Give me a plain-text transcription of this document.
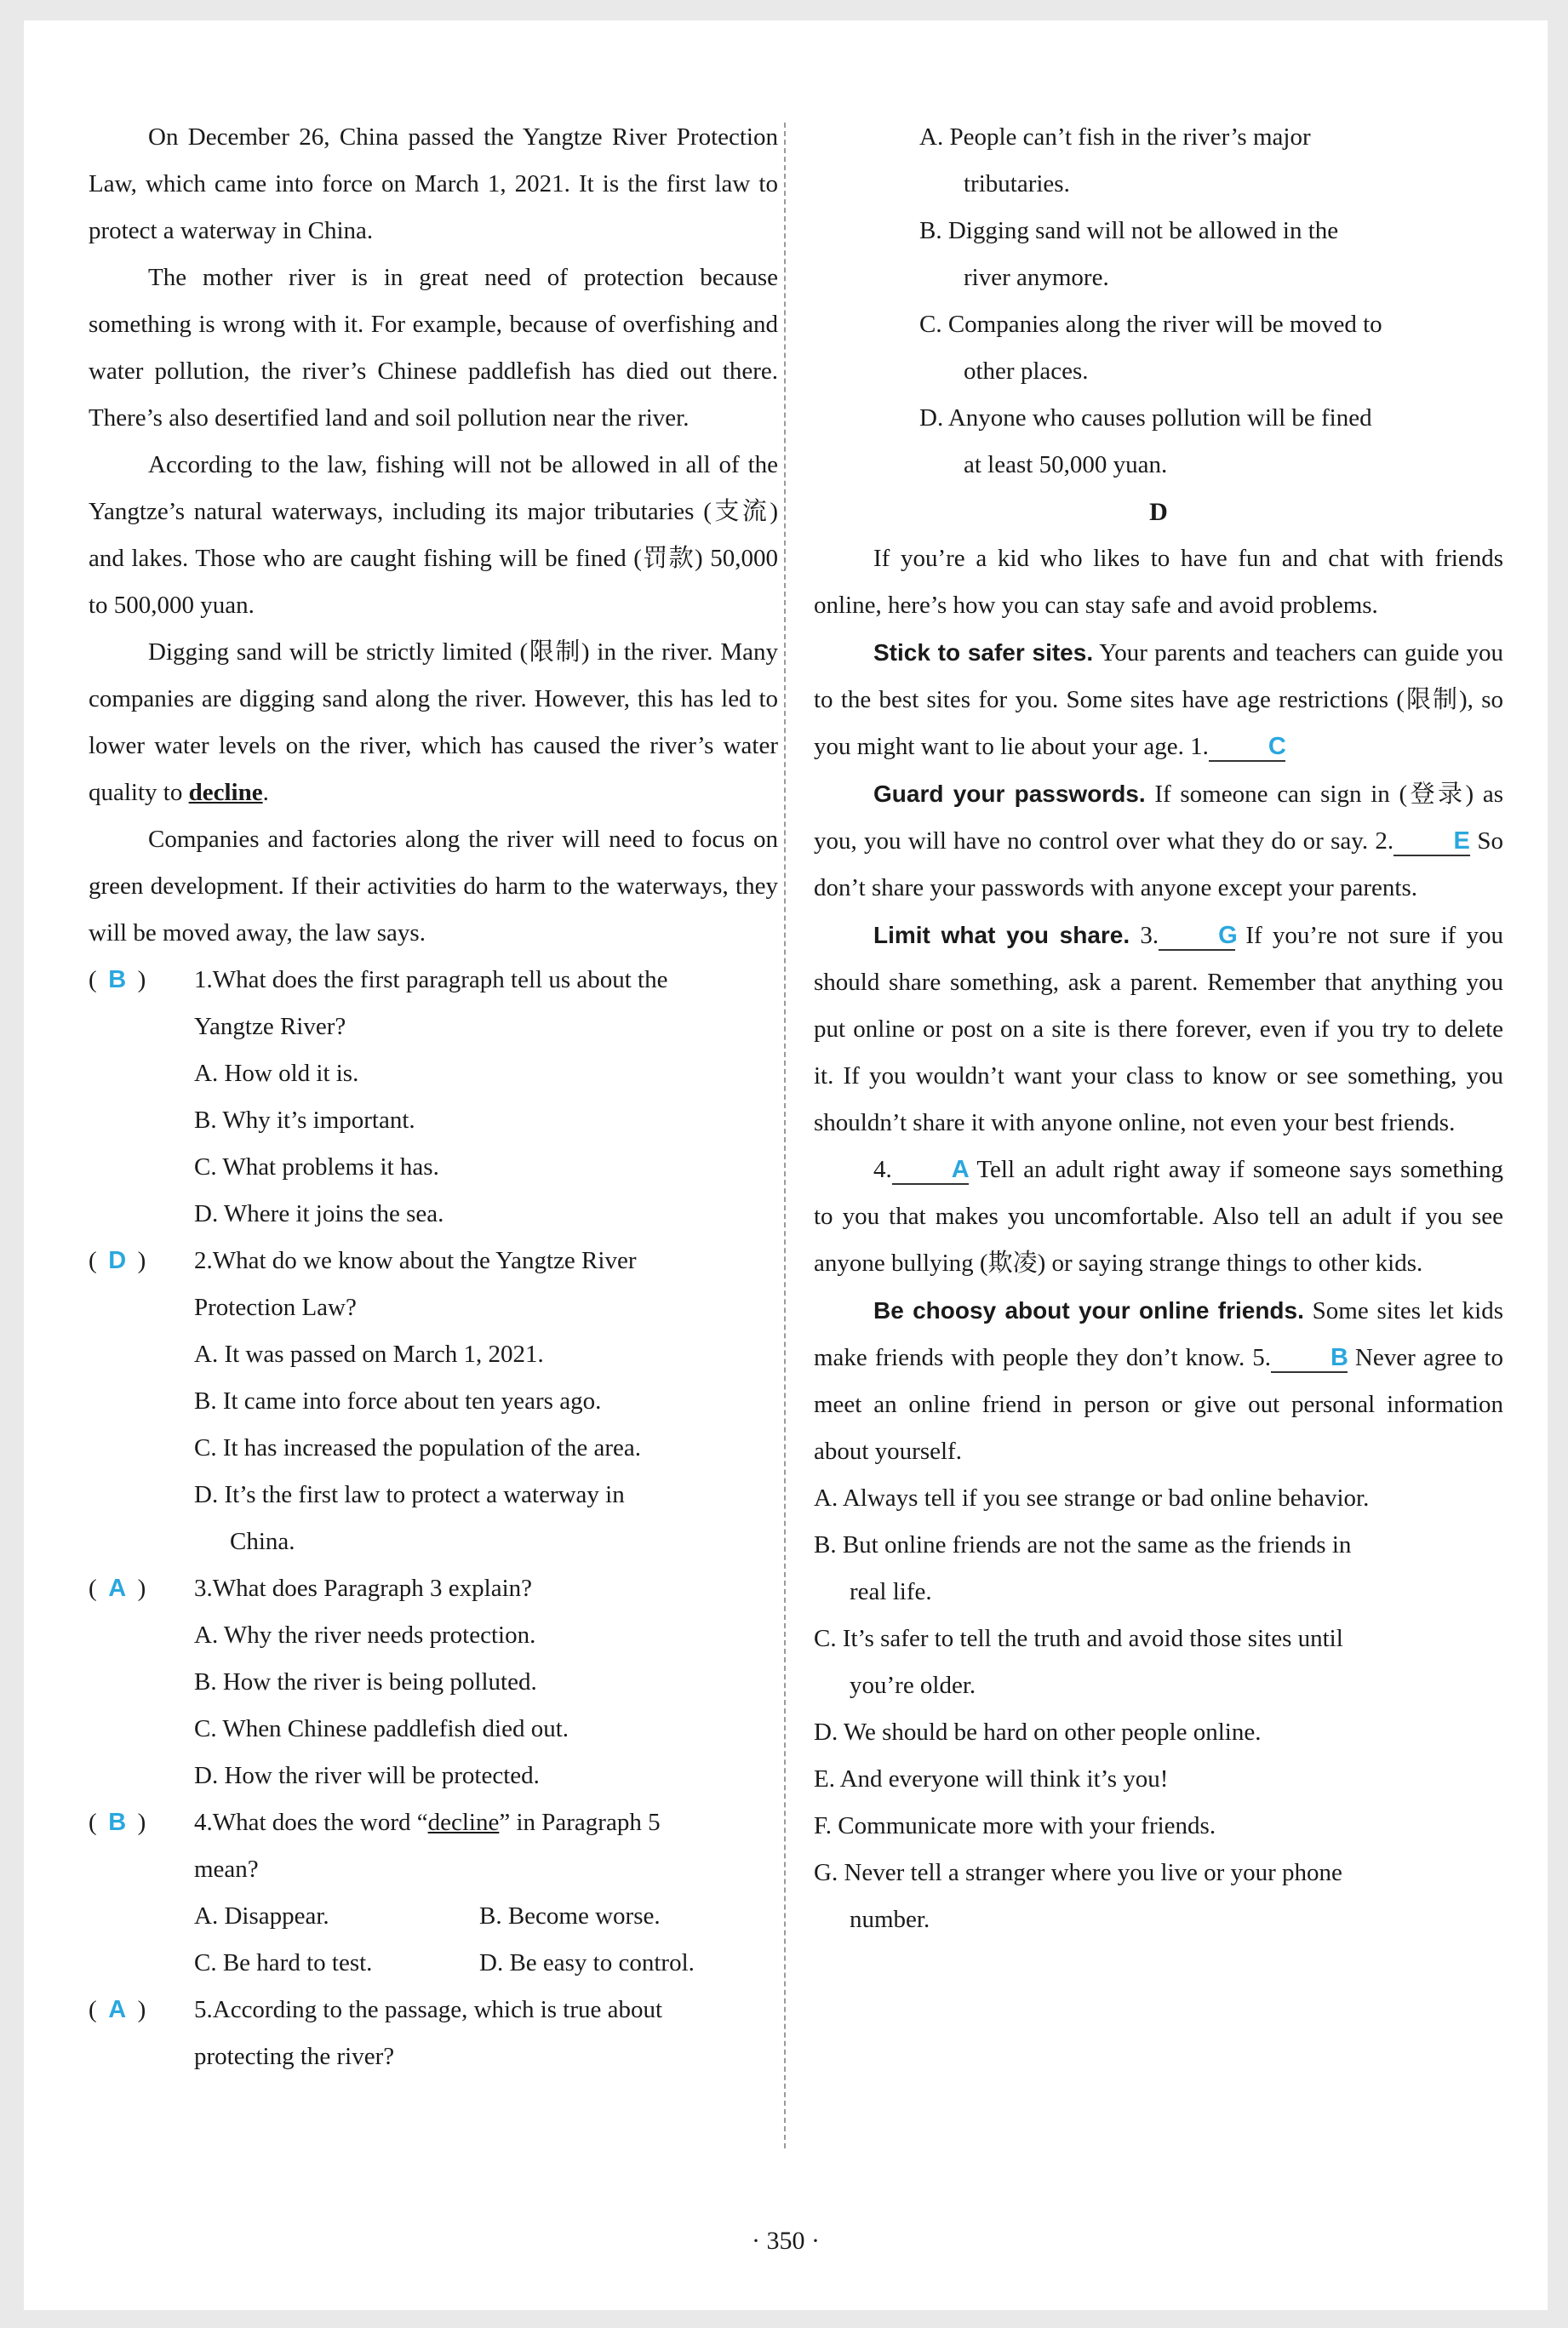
On December 26, China passed the Yangtze River Protection Law, which came into force on March 1, 2021. It is the first law to protect a waterway in China.

The mother river is in great need of protection because something is wrong with it. For example, because of overfishing and water pollution, the river’s Chinese paddlefish has died out there. There’s also desertified land and soil pollution near the river.

According to the law, fishing will not be allowed in all of the Yangtze’s natural waterways, including its major tributaries (支流) and lakes. Those who are caught fishing will be fined (罚款) 50,000 to 500,000 yuan.

Digging sand will be strictly limited (限制) in the river. Many companies are digging sand along the river. However, this has led to lower water levels on the river, which has caused the river’s water quality to decline.

Companies and factories along the river will need to focus on green development. If their activities do harm to the waterways, they will be moved away, the law says.

( B ) 1.What does the first paragraph tell us about the
Yangtze River?
A. How old it is.
B. Why it’s important.
C. What problems it has.
D. Where it joins the sea.
( D ) 2.What do we know about the Yangtze River
Protection Law?
A. It was passed on March 1, 2021.
B. It came into force about ten years ago.
C. It has increased the population of the area.
D. It’s the first law to protect a waterway in
China.
( A ) 3.What does Paragraph 3 explain?
A. Why the river needs protection.
B. How the river is being polluted.
C. When Chinese paddlefish died out.
D. How the river will be protected.
( B ) 4.What does the word “decline” in Paragraph 5
mean?
A. Disappear.	B. Become worse.
C. Be hard to test.	D. Be easy to control.
( A ) 5.According to the passage, which is true about
protecting the river?
A. People can’t fish in the river’s major
tributaries.
B. Digging sand will not be allowed in the
river anymore.
C. Companies along the river will be moved to
other places.
D. Anyone who causes pollution will be fined
at least 50,000 yuan.

D

If you’re a kid who likes to have fun and chat with friends online, here’s how you can stay safe and avoid problems.

Stick to safer sites. Your parents and teachers can guide you to the best sites for you. Some sites have age restrictions (限制), so you might want to lie about your age. 1. C

Guard your passwords. If someone can sign in (登录) as you, you will have no control over what they do or say. 2. E So don’t share your passwords with anyone except your parents.

Limit what you share. 3. G If you’re not sure if you should share something, ask a parent. Remember that anything you put online or post on a site is there forever, even if you try to delete it. If you wouldn’t want your class to know or see something, you shouldn’t share it with anyone online, not even your best friends.

4. A Tell an adult right away if someone says something to you that makes you uncomfortable. Also tell an adult if you see anyone bullying (欺凌) or saying strange things to other kids.

Be choosy about your online friends. Some sites let kids make friends with people they don’t know. 5. B Never agree to meet an online friend in person or give out personal information about yourself.

A. Always tell if you see strange or bad online behavior.
B. But online friends are not the same as the friends in
real life.
C. It’s safer to tell the truth and avoid those sites until
you’re older.
D. We should be hard on other people online.
E. And everyone will think it’s you!
F. Communicate more with your friends.
G. Never tell a stranger where you live or your phone
number.
· 350 ·
